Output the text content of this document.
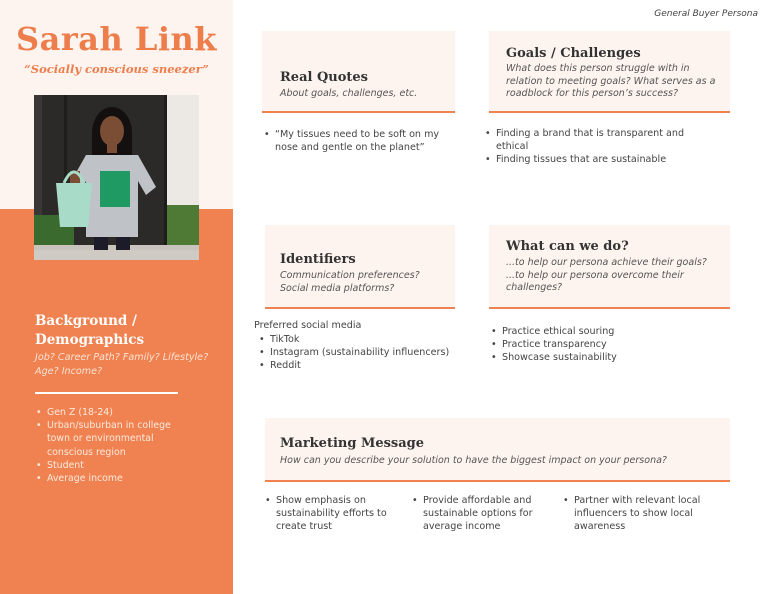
Sarah Link
“Socially conscious sneezer”
Background / Demographics
Job? Career Path? Family? Lifestyle? Age? Income?
• Gen Z (18-24)
• Urban/suburban in college town or environmental conscious region
• Student
• Average income
General Buyer Persona
Real Quotes
About goals, challenges, etc.
• “My tissues need to be soft on my nose and gentle on the planet”
Goals / Challenges
What does this person struggle with in relation to meeting goals? What serves as a roadblock for this person’s success?
• Finding a brand that is transparent and ethical
• Finding tissues that are sustainable
Identifiers
Communication preferences? Social media platforms?
Preferred social media
• TikTok
• Instagram (sustainability influencers)
• Reddit
What can we do?
...to help our persona achieve their goals? ...to help our persona overcome their challenges?
• Practice ethical souring
• Practice transparency
• Showcase sustainability
Marketing Message
How can you describe your solution to have the biggest impact on your persona?
• Show emphasis on sustainability efforts to create trust
• Provide affordable and sustainable options for average income
• Partner with relevant local influencers to show local awareness
